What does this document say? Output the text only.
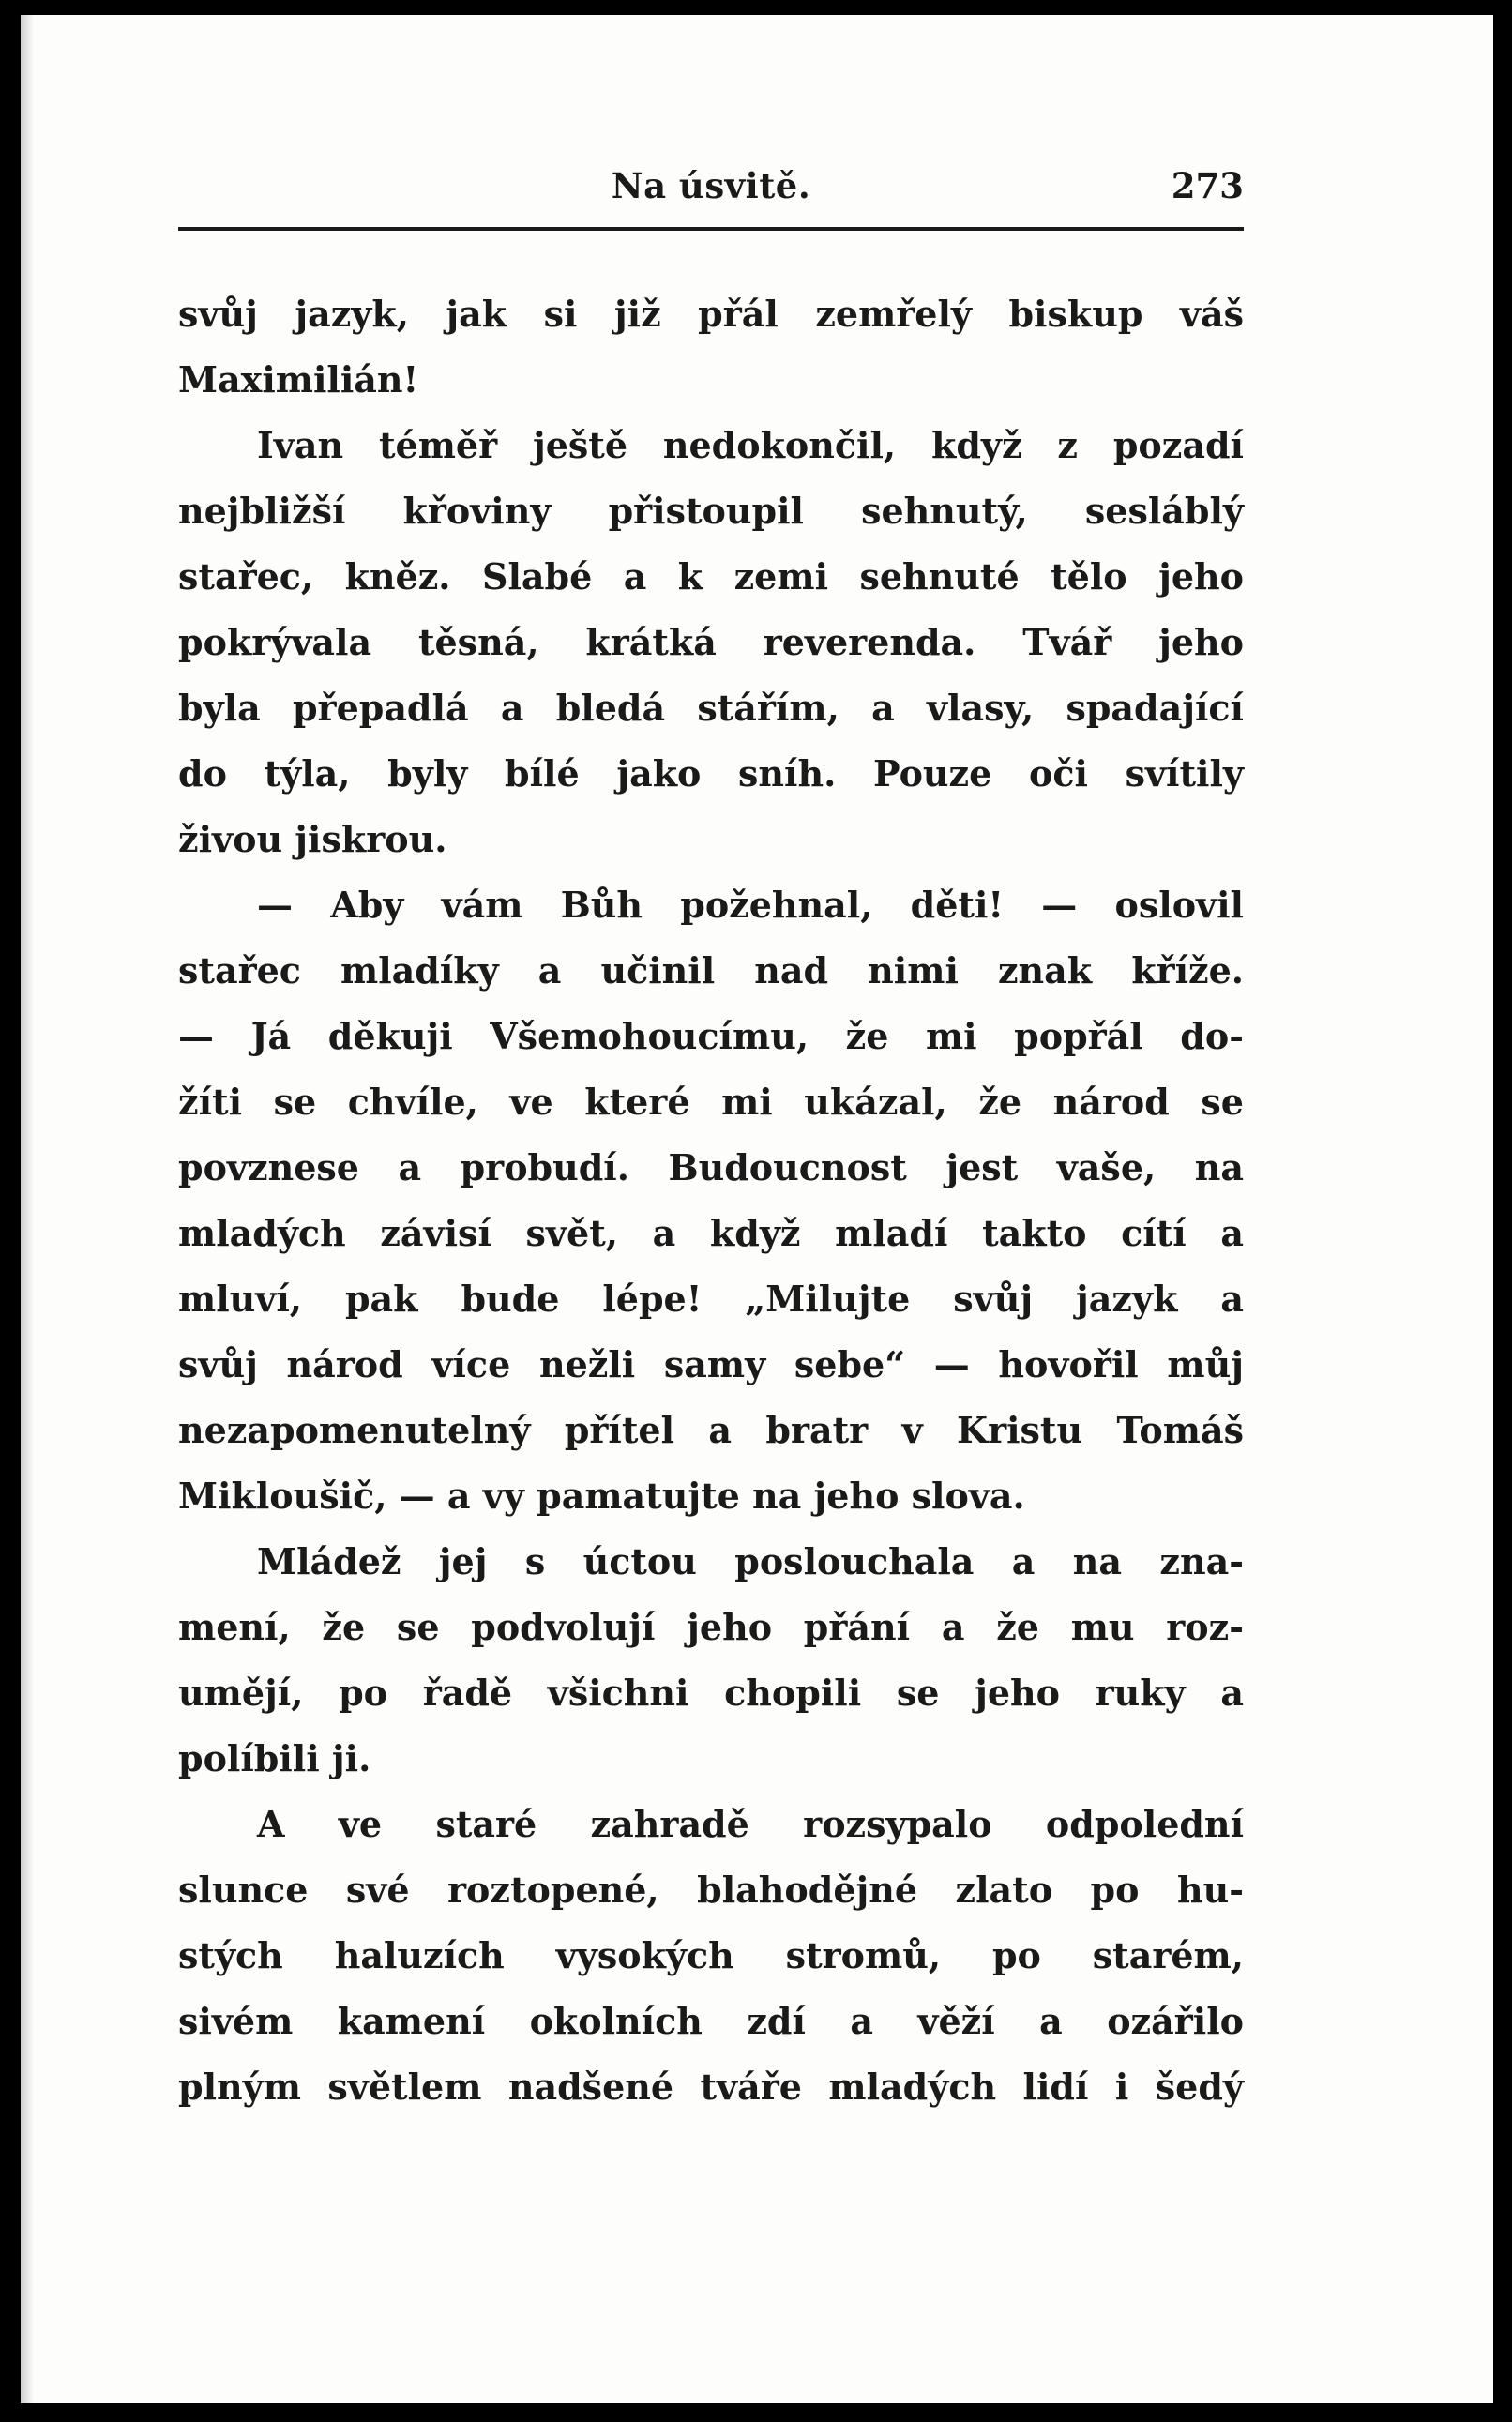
Na úsvitě.	273
svůj jazyk, jak si již přál zemřelý biskup váš
Maximilián!
Ivan téměř ještě nedokončil, když z pozadí
nejbližší křoviny přistoupil sehnutý, sesláblý
stařec, kněz. Slabé a k zemi sehnuté tělo jeho
pokrývala těsná, krátká reverenda. Tvář jeho
byla přepadlá a bledá stářím, a vlasy, spadající
do týla, byly bílé jako sníh. Pouze oči svítily
živou jiskrou.
— Aby vám Bůh požehnal, děti! — oslovil
stařec mladíky a učinil nad nimi znak kříže.
— Já děkuji Všemohoucímu, že mi popřál do-
žíti se chvíle, ve které mi ukázal, že národ se
povznese a probudí. Budoucnost jest vaše, na
mladých závisí svět, a když mladí takto cítí a
mluví, pak bude lépe! „Milujte svůj jazyk a
svůj národ více nežli samy sebe“ — hovořil můj
nezapomenutelný přítel a bratr v Kristu Tomáš
Mikloušič, — a vy pamatujte na jeho slova.
Mládež jej s úctou poslouchala a na zna-
mení, že se podvolují jeho přání a že mu roz-
umějí, po řadě všichni chopili se jeho ruky a
políbili ji.
A ve staré zahradě rozsypalo odpolední
slunce své roztopené, blahodějné zlato po hu-
stých haluzích vysokých stromů, po starém,
sivém kamení okolních zdí a věží a ozářilo
plným světlem nadšené tváře mladých lidí i šedý
